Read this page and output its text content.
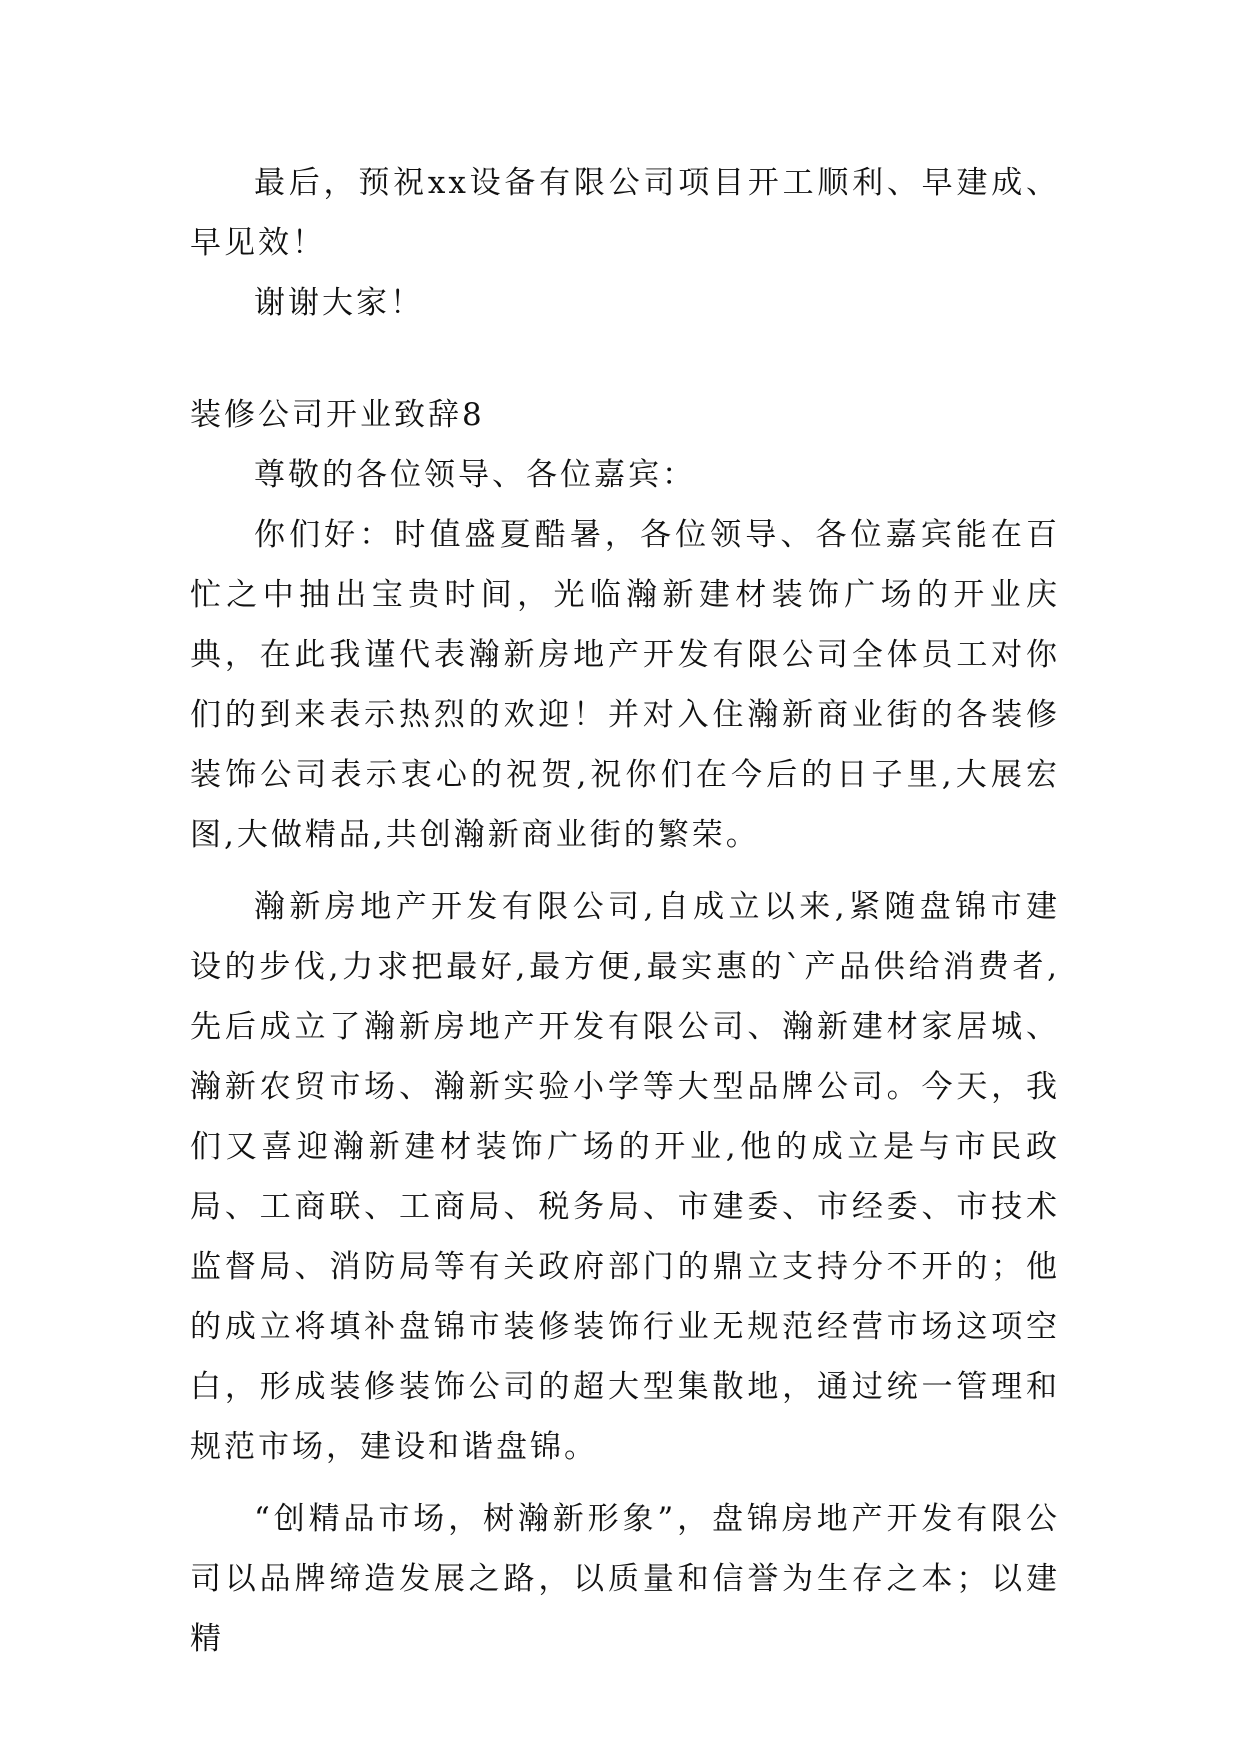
最后，预祝xx设备有限公司项目开工顺利、早建成、早见效！

谢谢大家！

装修公司开业致辞8

尊敬的各位领导、各位嘉宾：

你们好：时值盛夏酷暑，各位领导、各位嘉宾能在百忙之中抽出宝贵时间，光临瀚新建材装饰广场的开业庆典，在此我谨代表瀚新房地产开发有限公司全体员工对你们的到来表示热烈的欢迎！并对入住瀚新商业街的各装修装饰公司表示衷心的祝贺,祝你们在今后的日子里,大展宏图,大做精品,共创瀚新商业街的繁荣。

瀚新房地产开发有限公司,自成立以来,紧随盘锦市建设的步伐,力求把最好,最方便,最实惠的`产品供给消费者,先后成立了瀚新房地产开发有限公司、瀚新建材家居城、瀚新农贸市场、瀚新实验小学等大型品牌公司。今天，我们又喜迎瀚新建材装饰广场的开业,他的成立是与市民政局、工商联、工商局、税务局、市建委、市经委、市技术监督局、消防局等有关政府部门的鼎立支持分不开的；他的成立将填补盘锦市装修装饰行业无规范经营市场这项空白，形成装修装饰公司的超大型集散地，通过统一管理和规范市场，建设和谐盘锦。

“创精品市场，树瀚新形象”，盘锦房地产开发有限公司以品牌缔造发展之路，以质量和信誉为生存之本；以建精
